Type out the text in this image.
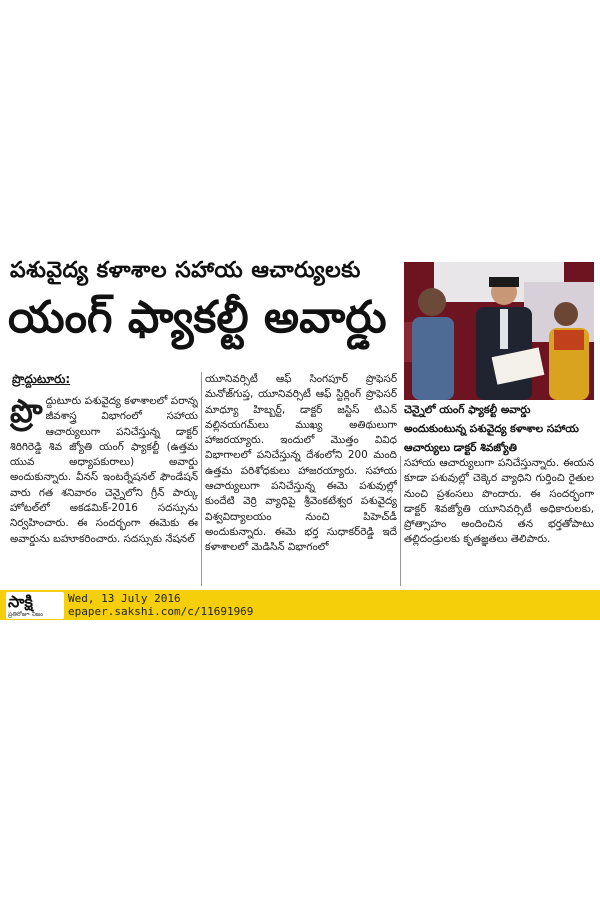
పశువైద్య కళాశాల సహాయ ఆచార్యులకు
యంగ్ ఫ్యాకల్టీ అవార్డు
చెన్నైలో యంగ్ ఫ్యాకల్టీ అవార్డు అందుకుంటున్న పశువైద్య కళాశాల సహాయ ఆచార్యులు డాక్టర్ శివజ్యోతి
ప్రొద్దుటూరు:

ప్రొ ద్దుటూరు పశువైద్య కళాశాలలో పరాన్న జీవశాస్త్ర విభాగంలో సహాయ ఆచార్యులుగా పనిచేస్తున్న డాక్టర్ శిరిగిరెడ్డి శివ జ్యోతి యంగ్ ఫ్యాకల్టీ (ఉత్తమ యువ అధ్యాపకురాలు) అవార్డు అందుకున్నారు. వీనస్ ఇంటర్నేషనల్ ఫౌండేషన్ వారు గత శనివారం చెన్నైలోని గ్రీన్ పార్కు హోటల్‌లో అకడమిక్-2016 సదస్సును నిర్వహించారు. ఈ సందర్భంగా ఈమెకు ఈ అవార్డును బహూకరించారు. సదస్సుకు నేషనల్

యూనివర్సిటీ ఆఫ్ సింగపూర్ ప్రొఫెసర్ మనోజ్‌గుప్త, యూనివర్సిటీ ఆఫ్ స్టిర్లింగ్ ప్రొఫెసర్ మాధ్యూ హిబ్బర్ట్, డాక్టర్ జస్టిస్ టిఎన్ వల్లినయగమ్‌లు ముఖ్య అతిథులుగా హాజరయ్యారు. ఇందులో మొత్తం వివిధ విభాగాలలో పనిచేస్తున్న దేశంలోని 200 మంది ఉత్తమ పరిశోధకులు హాజరయ్యారు. సహాయ ఆచార్యులుగా పనిచేస్తున్న ఈమె పశువుల్లో కుందేటి వెర్రి వ్యాధిపై శ్రీవెంకటేశ్వర పశువైద్య విశ్వవిద్యాలయం నుంచి పిహెచ్‌డీ అందుకున్నారు. ఈమె భర్త సుధాకర్‌రెడ్డి ఇదే కళాశాలలో మెడిసిన్ విభాగంలో

సహాయ ఆచార్యులుగా పనిచేస్తున్నారు. ఈయన కూడా పశువుల్లో చెక్కెర వ్యాధిని గుర్తించి రైతుల నుంచి ప్రశంసలు పొందారు. ఈ సందర్భంగా డాక్టర్ శివజ్యోతి యూనివర్సిటీ అధికారులకు, ప్రోత్సాహం అందించిన తన భర్తతోపాటు తల్లిదండ్రులకు కృతజ్ఞతలు తెలిపారు.

సాక్షి
ప్రతిరోజూ నిజం
Wed, 13 July 2016
epaper.sakshi.com/c/11691969
